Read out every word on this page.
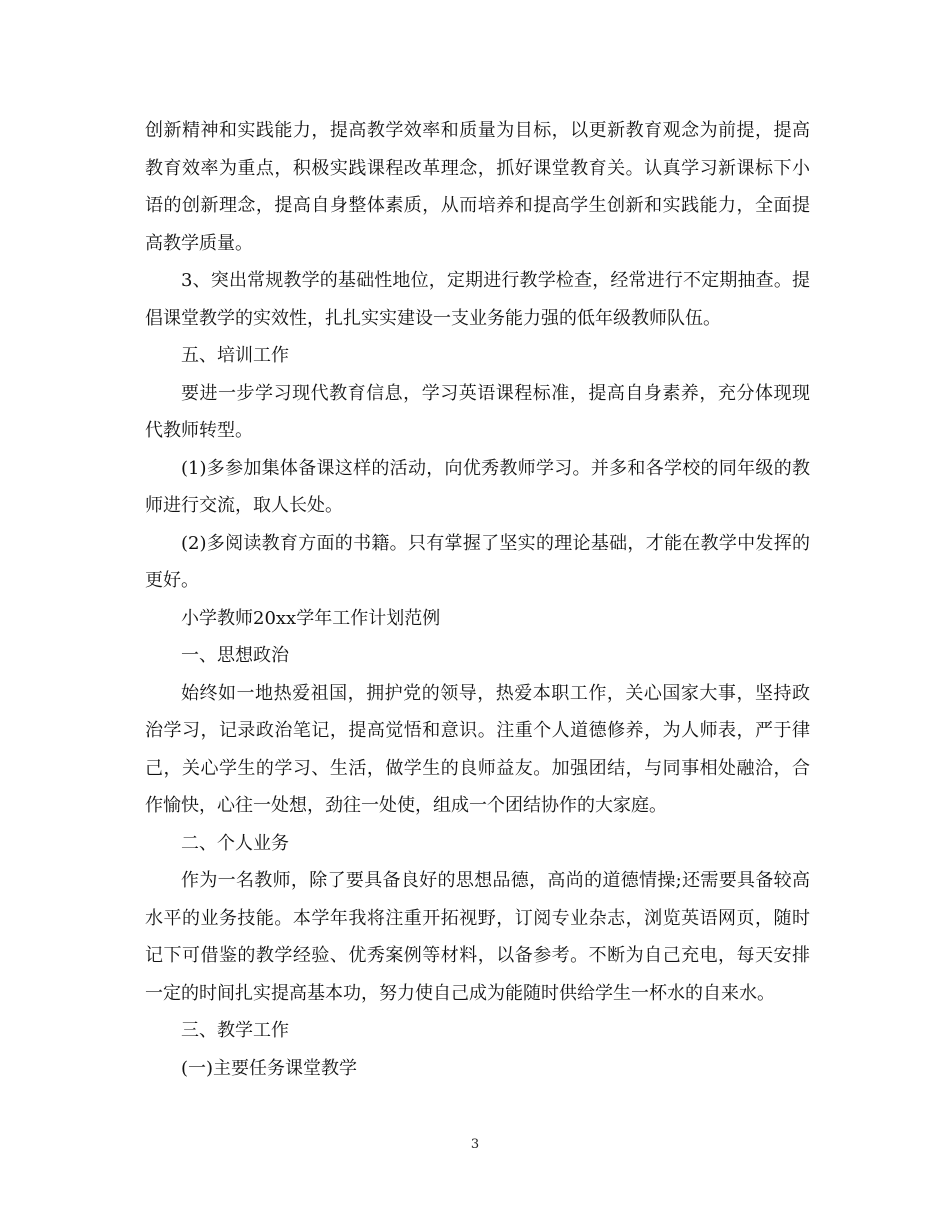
创新精神和实践能力，提高教学效率和质量为目标，以更新教育观念为前提，提高教育效率为重点，积极实践课程改革理念，抓好课堂教育关。认真学习新课标下小语的创新理念，提高自身整体素质，从而培养和提高学生创新和实践能力，全面提高教学质量。

3、突出常规教学的基础性地位，定期进行教学检查，经常进行不定期抽查。提倡课堂教学的实效性，扎扎实实建设一支业务能力强的低年级教师队伍。

五、培训工作

要进一步学习现代教育信息，学习英语课程标准，提高自身素养，充分体现现代教师转型。

(1)多参加集体备课这样的活动，向优秀教师学习。并多和各学校的同年级的教师进行交流，取人长处。

(2)多阅读教育方面的书籍。只有掌握了坚实的理论基础，才能在教学中发挥的更好。

小学教师20xx学年工作计划范例

一、思想政治

始终如一地热爱祖国，拥护党的领导，热爱本职工作，关心国家大事，坚持政治学习，记录政治笔记，提高觉悟和意识。注重个人道德修养，为人师表，严于律己，关心学生的学习、生活，做学生的良师益友。加强团结，与同事相处融洽，合作愉快，心往一处想，劲往一处使，组成一个团结协作的大家庭。

二、个人业务

作为一名教师，除了要具备良好的思想品德，高尚的道德情操;还需要具备较高水平的业务技能。本学年我将注重开拓视野，订阅专业杂志，浏览英语网页，随时记下可借鉴的教学经验、优秀案例等材料，以备参考。不断为自己充电，每天安排一定的时间扎实提高基本功，努力使自己成为能随时供给学生一杯水的自来水。

三、教学工作

(一)主要任务课堂教学

3
